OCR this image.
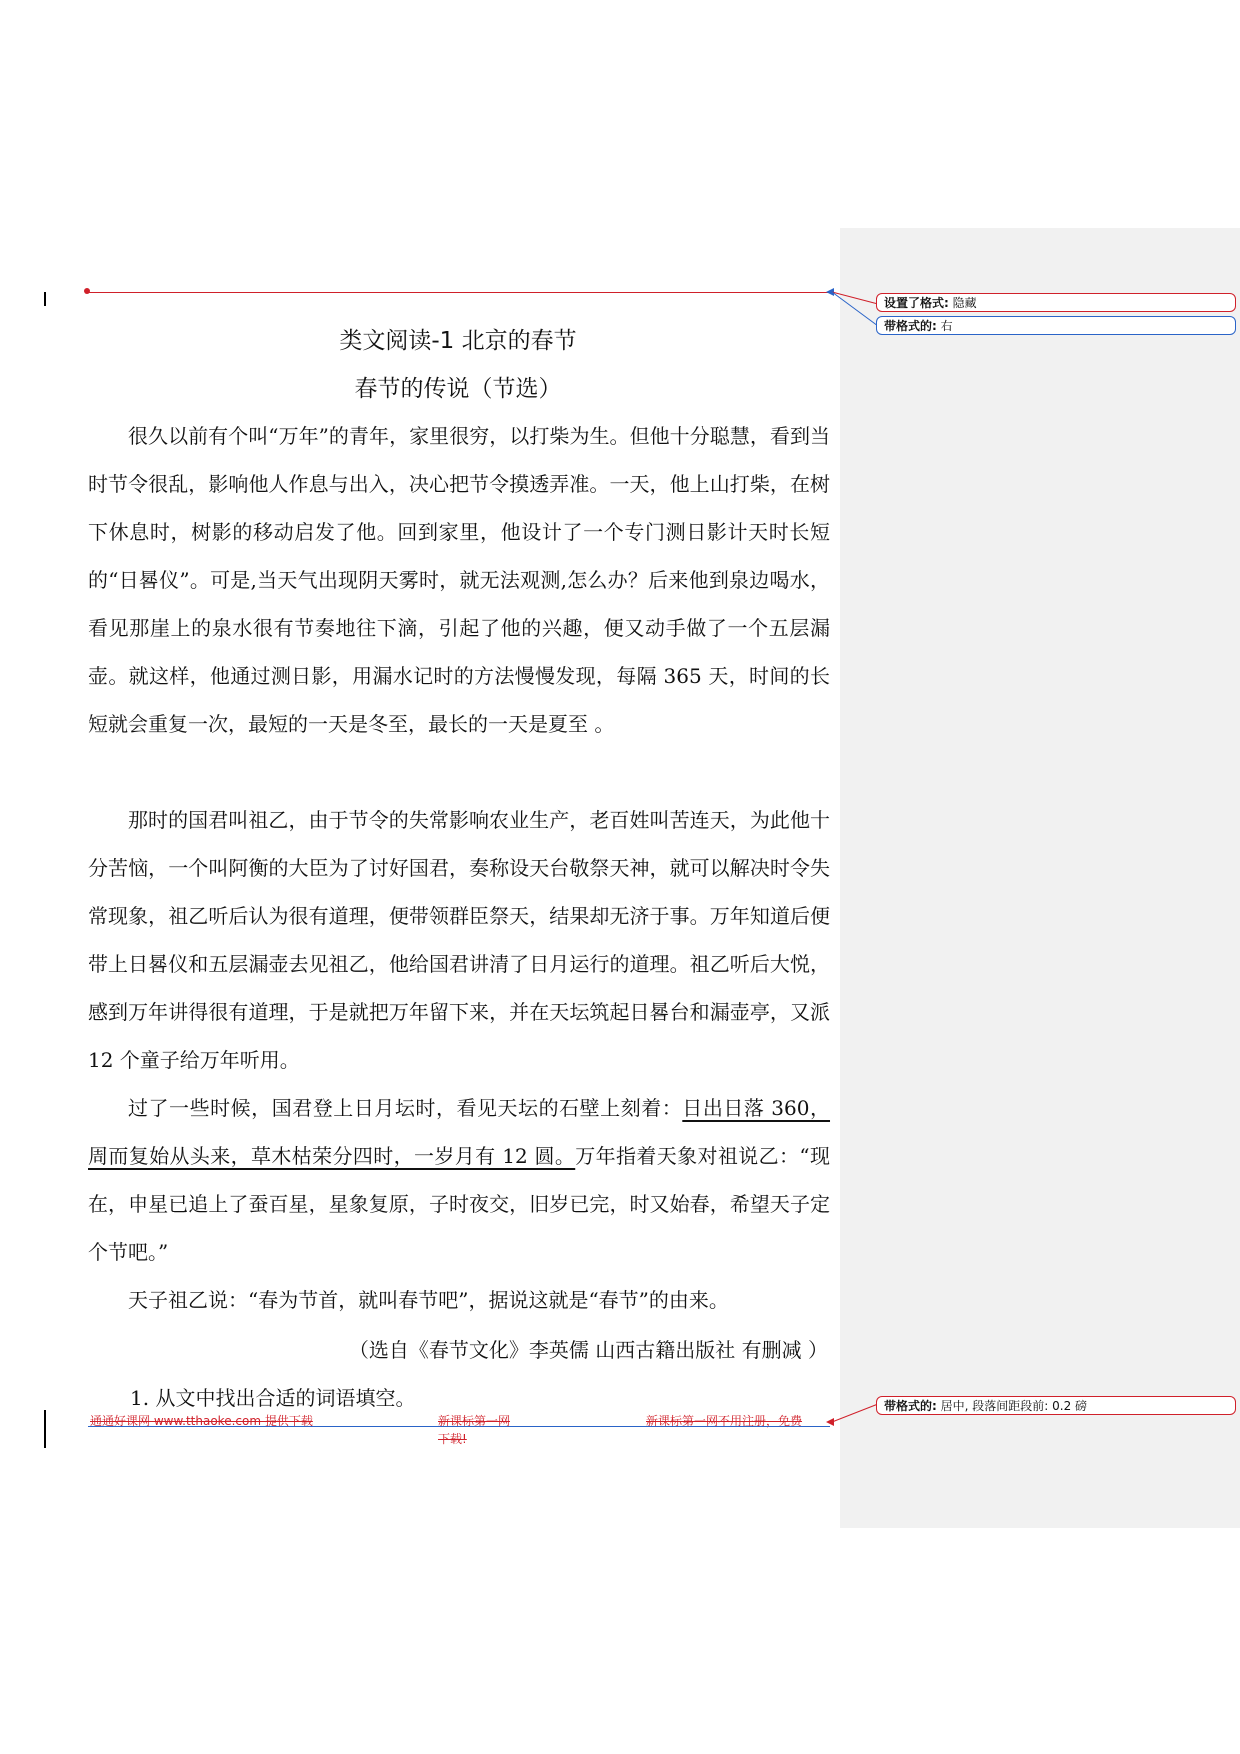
设置了格式: 隐藏
带格式的: 右
类文阅读-1 北京的春节
春节的传说（节选）

很久以前有个叫“万年”的青年，家里很穷，以打柴为生。但他十分聪慧，看到当时节令很乱，影响他人作息与出入，决心把节令摸透弄准。一天，他上山打柴，在树下休息时，树影的移动启发了他。回到家里，他设计了一个专门测日影计天时长短的“日晷仪”。可是,当天气出现阴天雾时，就无法观测,怎么办？后来他到泉边喝水，看见那崖上的泉水很有节奏地往下滴，引起了他的兴趣，便又动手做了一个五层漏壶。就这样，他通过测日影，用漏水记时的方法慢慢发现，每隔 365 天，时间的长短就会重复一次，最短的一天是冬至，最长的一天是夏至 。

那时的国君叫祖乙，由于节令的失常影响农业生产，老百姓叫苦连天，为此他十分苦恼，一个叫阿衡的大臣为了讨好国君，奏称设天台敬祭天神，就可以解决时令失常现象，祖乙听后认为很有道理，便带领群臣祭天，结果却无济于事。万年知道后便带上日晷仪和五层漏壶去见祖乙，他给国君讲清了日月运行的道理。祖乙听后大悦，感到万年讲得很有道理，于是就把万年留下来，并在天坛筑起日晷台和漏壶亭，又派 12 个童子给万年听用。

过了一些时候，国君登上日月坛时，看见天坛的石壁上刻着：日出日落 360，周而复始从头来，草木枯荣分四时，一岁月有 12 圆。万年指着天象对祖说乙：“现在，申星已追上了蚕百星，星象复原，子时夜交，旧岁已完，时又始春，希望天子定个节吧。”

天子祖乙说：“春为节首，就叫春节吧”，据说这就是“春节”的由来。

（选自《春节文化》李英儒 山西古籍出版社 有删减 ）
1. 从文中找出合适的词语填空。
通通好课网 www.tthaoke.com 提供下载	新课标第一网
下载!
新课标第一网不用注册，免费
带格式的: 居中, 段落间距段前: 0.2 磅
